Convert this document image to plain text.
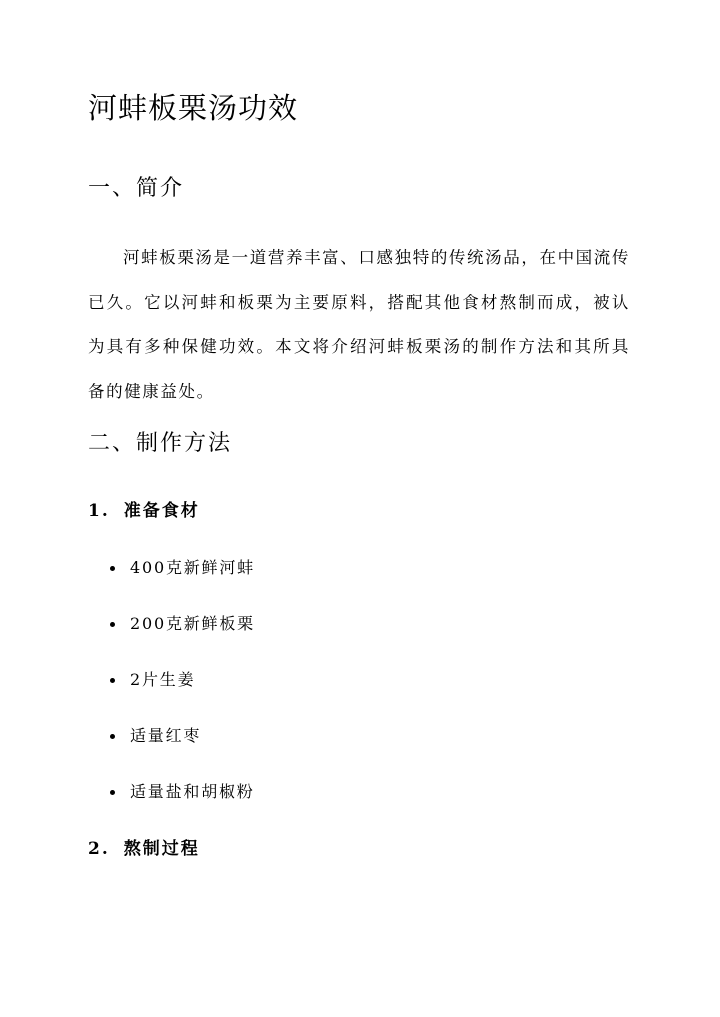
河蚌板栗汤功效
一、简介

河蚌板栗汤是一道营养丰富、口感独特的传统汤品，在中国流传已久。它以河蚌和板栗为主要原料，搭配其他食材熬制而成，被认为具有多种保健功效。本文将介绍河蚌板栗汤的制作方法和其所具备的健康益处。

二、制作方法
1. 准备食材
400克新鲜河蚌
200克新鲜板栗
2片生姜
适量红枣
适量盐和胡椒粉
2. 熬制过程
